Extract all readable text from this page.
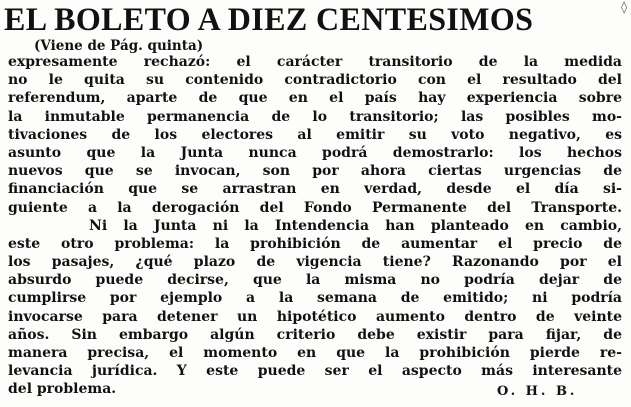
EL BOLETO A DIEZ CENTESIMOS	◊
(Viene de Pág. quinta)
expresamente rechazó: el carácter transitorio de la medida
no le quita su contenido contradictorio con el resultado del
referendum, aparte de que en el país hay experiencia sobre
la inmutable permanencia de lo transitorio; las posibles mo-
tivaciones de los electores al emitir su voto negativo, es
asunto que la Junta nunca podrá demostrarlo: los hechos
nuevos que se invocan, son por ahora ciertas urgencias de
financiación que se arrastran en verdad, desde el día si-
guiente a la derogación del Fondo Permanente del Transporte.
Ni la Junta ni la Intendencia han planteado en cambio,
este otro problema: la prohibición de aumentar el precio de
los pasajes, ¿qué plazo de vigencia tiene? Razonando por el
absurdo puede decirse, que la misma no podría dejar de
cumplirse por ejemplo a la semana de emitido; ni podría
invocarse para detener un hipotético aumento dentro de veinte
años. Sin embargo algún criterio debe existir para fijar, de
manera precisa, el momento en que la prohibición pierde re-
levancia jurídica. Y este puede ser el aspecto más interesante
del problema.	O. H. B.
